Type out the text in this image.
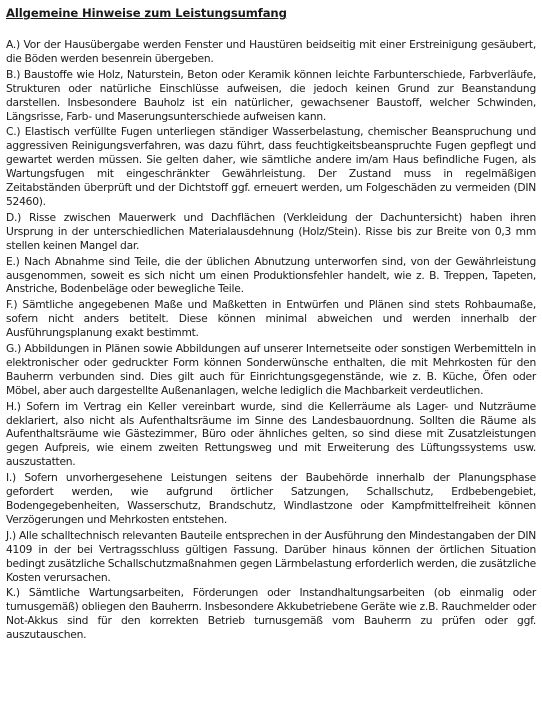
Allgemeine Hinweise zum Leistungsumfang

A.) Vor der Hausübergabe werden Fenster und Haustüren beidseitig mit einer Erstreinigung gesäubert, die Böden werden besenrein übergeben.

B.) Baustoffe wie Holz, Naturstein, Beton oder Keramik können leichte Farbunterschiede, Farbverläufe, Strukturen oder natürliche Einschlüsse aufweisen, die jedoch keinen Grund zur Beanstandung darstellen. Insbesondere Bauholz ist ein natürlicher, gewachsener Baustoff, welcher Schwinden, Längsrisse, Farb- und Maserungsunterschiede aufweisen kann.

C.) Elastisch verfüllte Fugen unterliegen ständiger Wasserbelastung, chemischer Beanspruchung und aggressiven Reinigungsverfahren, was dazu führt, dass feuchtigkeitsbeanspruchte Fugen gepflegt und gewartet werden müssen. Sie gelten daher, wie sämtliche andere im/am Haus befindliche Fugen, als Wartungsfugen mit eingeschränkter Gewährleistung. Der Zustand muss in regelmäßigen Zeitabständen überprüft und der Dichtstoff ggf. erneuert werden, um Folgeschäden zu vermeiden (DIN 52460).

D.) Risse zwischen Mauerwerk und Dachflächen (Verkleidung der Dachuntersicht) haben ihren Ursprung in der unterschiedlichen Materialausdehnung (Holz/Stein). Risse bis zur Breite von 0,3 mm stellen keinen Mangel dar.

E.) Nach Abnahme sind Teile, die der üblichen Abnutzung unterworfen sind, von der Gewährleistung ausgenommen, soweit es sich nicht um einen Produktionsfehler handelt, wie z. B. Treppen, Tapeten, Anstriche, Bodenbeläge oder bewegliche Teile.

F.) Sämtliche angegebenen Maße und Maßketten in Entwürfen und Plänen sind stets Rohbaumaße, sofern nicht anders betitelt. Diese können minimal abweichen und werden innerhalb der Ausführungsplanung exakt bestimmt.

G.) Abbildungen in Plänen sowie Abbildungen auf unserer Internetseite oder sonstigen Werbemitteln in elektronischer oder gedruckter Form können Sonderwünsche enthalten, die mit Mehrkosten für den Bauherrn verbunden sind. Dies gilt auch für Einrichtungsgegenstände, wie z. B. Küche, Öfen oder Möbel, aber auch dargestellte Außenanlagen, welche lediglich die Machbarkeit verdeutlichen.

H.) Sofern im Vertrag ein Keller vereinbart wurde, sind die Kellerräume als Lager- und Nutzräume deklariert, also nicht als Aufenthaltsräume im Sinne des Landesbauordnung. Sollten die Räume als Aufenthaltsräume wie Gästezimmer, Büro oder ähnliches gelten, so sind diese mit Zusatzleistungen gegen Aufpreis, wie einem zweiten Rettungsweg und mit Erweiterung des Lüftungssystems usw. auszustatten.

I.) Sofern unvorhergesehene Leistungen seitens der Baubehörde innerhalb der Planungsphase gefordert werden, wie aufgrund örtlicher Satzungen, Schallschutz, Erdbebengebiet, Bodengegebenheiten, Wasserschutz, Brandschutz, Windlastzone oder Kampfmittelfreiheit können Verzögerungen und Mehrkosten entstehen.

J.) Alle schalltechnisch relevanten Bauteile entsprechen in der Ausführung den Mindestangaben der DIN 4109 in der bei Vertragsschluss gültigen Fassung. Darüber hinaus können der örtlichen Situation bedingt zusätzliche Schallschutzmaßnahmen gegen Lärmbelastung erforderlich werden, die zusätzliche Kosten verursachen.

K.) Sämtliche Wartungsarbeiten, Förderungen oder Instandhaltungsarbeiten (ob einmalig oder turnusgemäß) obliegen den Bauherrn. Insbesondere Akkubetriebene Geräte wie z.B. Rauchmelder oder Not-Akkus sind für den korrekten Betrieb turnusgemäß vom Bauherrn zu prüfen oder ggf. auszutauschen.
